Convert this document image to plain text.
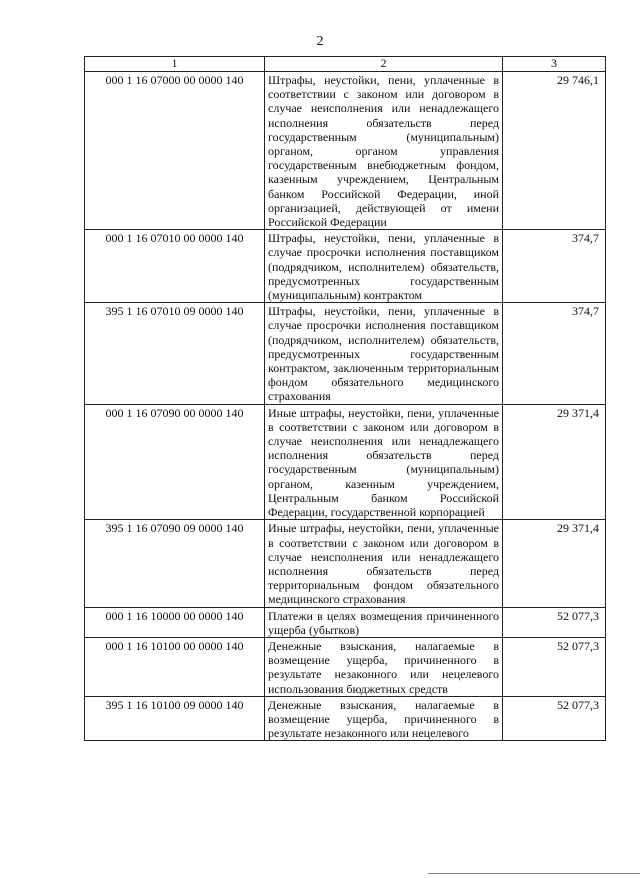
2
1	2	3
000 1 16 07000 00 0000 140	Штрафы, неустойки, пени, уплаченные в соответствии с законом или договором в случае неисполнения или ненадлежащего исполнения обязательств перед государственным (муниципальным) органом, органом управления государственным внебюджетным фондом, казенным учреждением, Центральным банком Российской Федерации, иной организацией, действующей от имени Российской Федерации	29 746,1
000 1 16 07010 00 0000 140	Штрафы, неустойки, пени, уплаченные в случае просрочки исполнения поставщиком (подрядчиком, исполнителем) обязательств, предусмотренных государственным (муниципальным) контрактом	374,7
395 1 16 07010 09 0000 140	Штрафы, неустойки, пени, уплаченные в случае просрочки исполнения поставщиком (подрядчиком, исполнителем) обязательств, предусмотренных государственным контрактом, заключенным территориальным фондом обязательного медицинского страхования	374,7
000 1 16 07090 00 0000 140	Иные штрафы, неустойки, пени, уплаченные в соответствии с законом или договором в случае неисполнения или ненадлежащего исполнения обязательств перед государственным (муниципальным) органом, казенным учреждением, Центральным банком Российской Федерации, государственной корпорацией	29 371,4
395 1 16 07090 09 0000 140	Иные штрафы, неустойки, пени, уплаченные в соответствии с законом или договором в случае неисполнения или ненадлежащего исполнения обязательств перед территориальным фондом обязательного медицинского страхования	29 371,4
000 1 16 10000 00 0000 140	Платежи в целях возмещения причиненного ущерба (убытков)	52 077,3
000 1 16 10100 00 0000 140	Денежные взыскания, налагаемые в возмещение ущерба, причиненного в результате незаконного или нецелевого использования бюджетных средств	52 077,3
395 1 16 10100 09 0000 140	Денежные взыскания, налагаемые в возмещение ущерба, причиненного в результате незаконного или нецелевого	52 077,3
